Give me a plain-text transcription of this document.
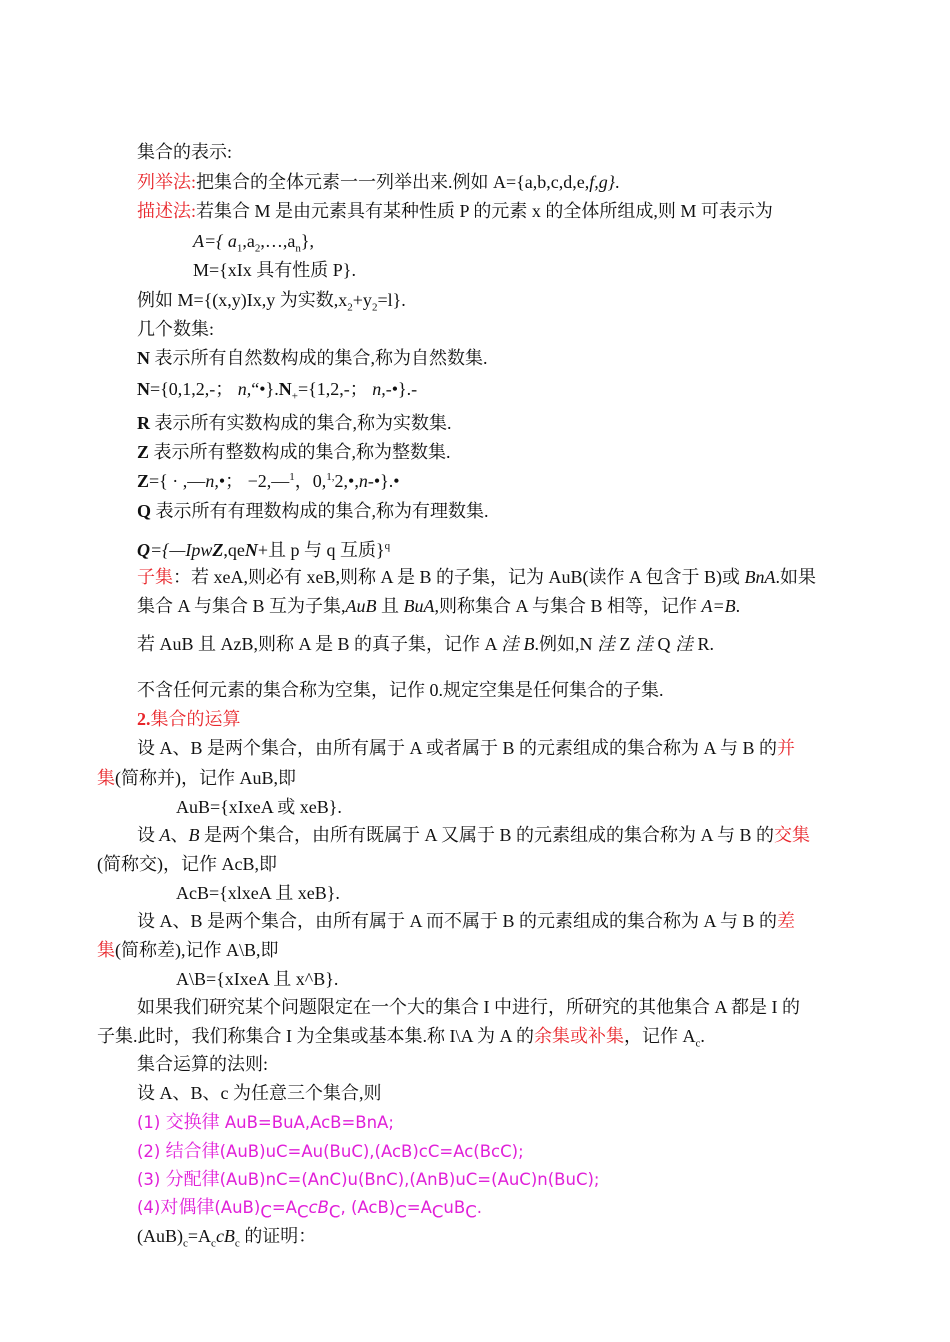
集合的表示:
列举法:把集合的全体元素一一列举出来.例如 A={a,b,c,d,e,f,g}.
描述法:若集合 M 是由元素具有某种性质 P 的元素 x 的全体所组成,则 M 可表示为
A={ $a_1,a_2,\dots,a_n$},
M={xIx 具有性质 P}.
例如 M={(x,y)Ix,y 为实数$,x_2+y_2=l$}.
几个数集:
N 表示所有自然数构成的集合,称为自然数集.
N={0,1,2,-； $n,“•\}.N_+=\{1,2,-$； n,-•}.-
R 表示所有实数构成的集合,称为实数集.
Z 表示所有整数构成的集合,称为整数集.
Z={ · ,—n,•； −2,—$^1$，0,$^{1,}$2,•,n-•}.•
Q 表示所有有理数构成的集合,称为有理数集.
Q={—IpwZ,qeN+且 p 与 q 互质}$^q$
子集：若 xeA,则必有 xeB,则称 A 是 B 的子集，记为 AuB(读作 A 包含于 B)或 BnA.如果
集合 A 与集合 B 互为子集,AuB 且 BuA,则称集合 A 与集合 B 相等，记作 A=B.
若 AuB 且 AzB,则称 A 是 B 的真子集，记作 A 洼 B.例如,N 洼 Z 洼 Q 洼 R.
不含任何元素的集合称为空集，记作 0.规定空集是任何集合的子集.
2.集合的运算
设 A、B 是两个集合，由所有属于 A 或者属于 B 的元素组成的集合称为 A 与 B 的并
集(简称并)，记作 AuB,即
AuB={xIxeA 或 xeB}.
设 A、B 是两个集合，由所有既属于 A 又属于 B 的元素组成的集合称为 A 与 B 的交集
(简称交)，记作 AcB,即
AcB={xlxeA 且 xeB}.
设 A、B 是两个集合，由所有属于 A 而不属于 B 的元素组成的集合称为 A 与 B 的差
集(简称差),记作 A\B,即
A\B={xIxeA 且 x^B}.
如果我们研究某个问题限定在一个大的集合 I 中进行，所研究的其他集合 A 都是 I 的
子集.此时，我们称集合 I 为全集或基本集.称 I\A 为 A 的余集或补集，记作 $A_c$.
集合运算的法则:
设 A、B、c 为任意三个集合,则
(1) 交换律 AuB=BuA,AcB=BnA;
(2) 结合律(AuB)uC=Au(BuC),(AcB)cC=Ac(BcC);
(3) 分配律(AuB)nC=(AnC)u(BnC),(AnB)uC=(AuC)n(BuC);
(4)对偶律$(AuB)_C=A_CcB_C$, $(AcB)_C=A_CuB_C$.
$(AuB)_c=A_ccB_c$ 的证明：
